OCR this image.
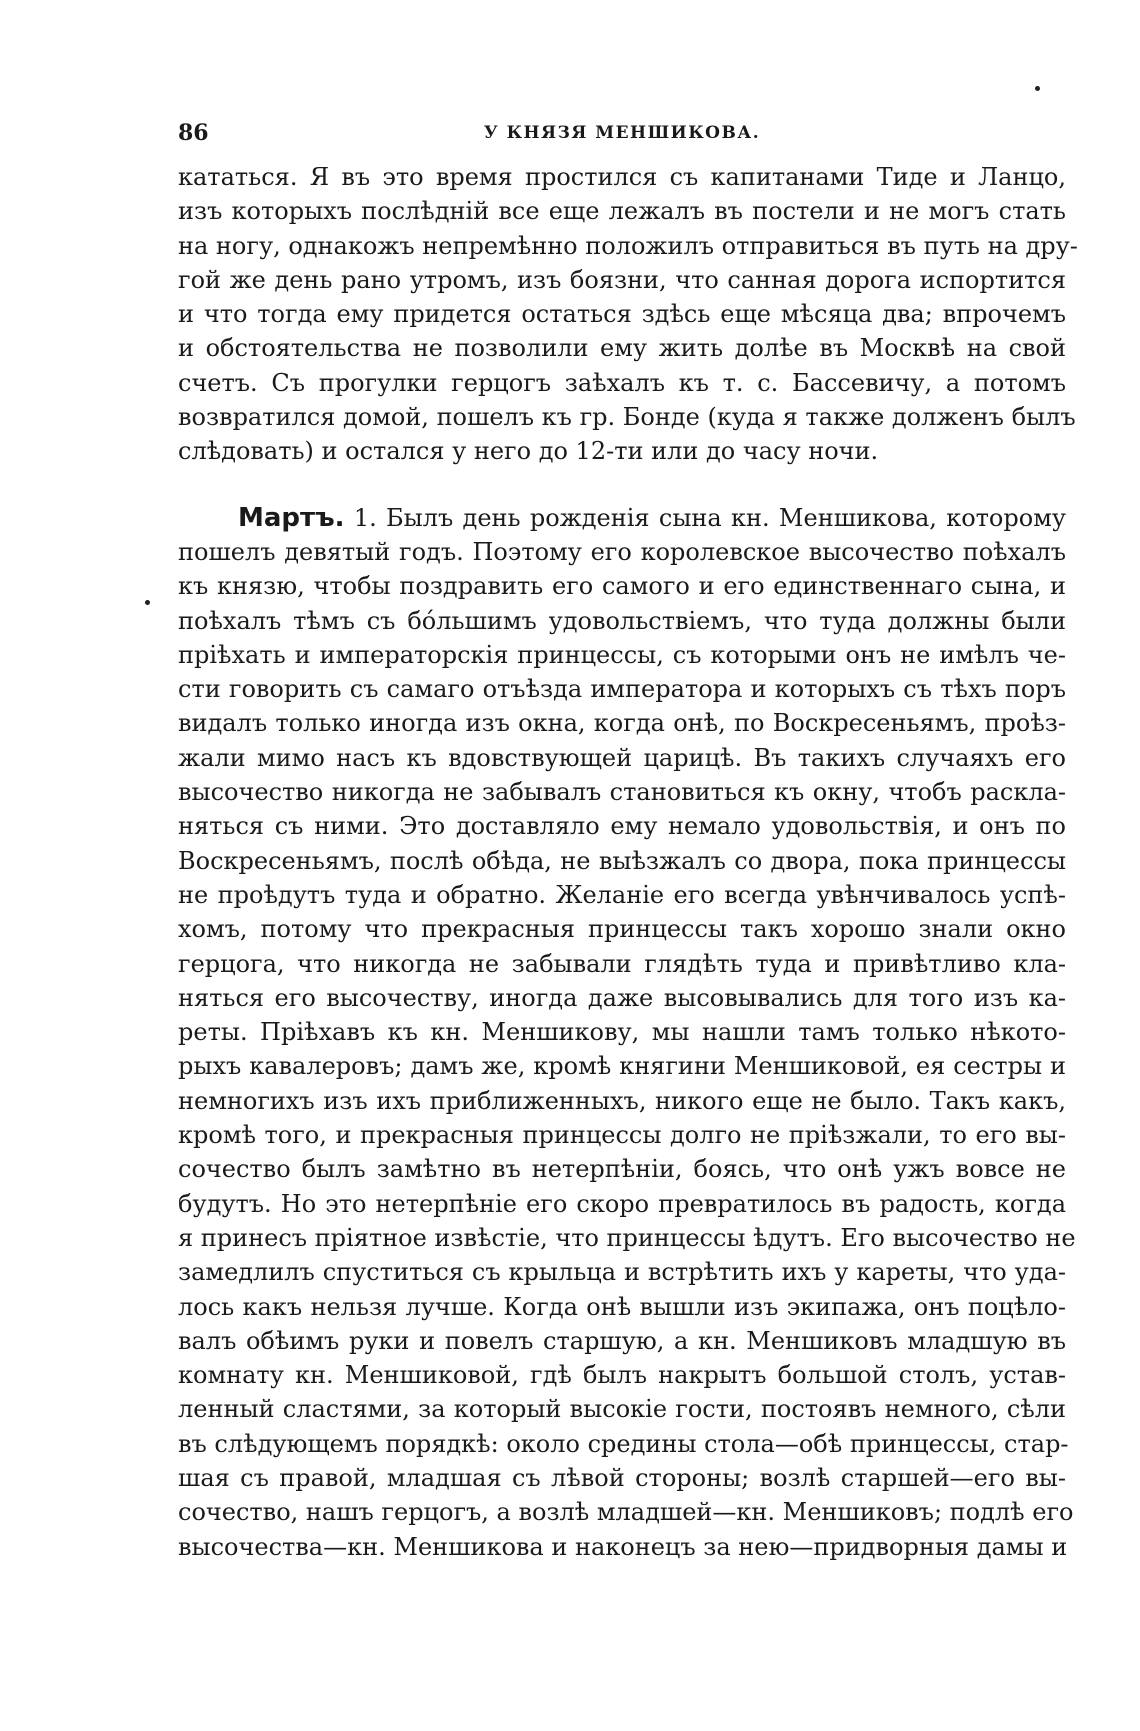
86	У КНЯЗЯ МЕНШИКОВА.
кататься. Я въ это время простился съ капитанами Тиде и Ланцо,
изъ которыхъ послѣдній все еще лежалъ въ постели и не могъ стать
на ногу, однакожъ непремѣнно положилъ отправиться въ путь на дру-
гой же день рано утромъ, изъ боязни, что санная дорога испортится
и что тогда ему придется остаться здѣсь еще мѣсяца два; впрочемъ
и обстоятельства не позволили ему жить долѣе въ Москвѣ на свой
счетъ. Съ прогулки герцогъ заѣхалъ къ т. с. Бассевичу, а потомъ
возвратился домой, пошелъ къ гр. Бонде (куда я также долженъ былъ
слѣдовать) и остался у него до 12-ти или до часу ночи.
Мартъ. 1. Былъ день рожденія сына кн. Меншикова, которому
пошелъ девятый годъ. Поэтому его королевское высочество поѣхалъ
къ князю, чтобы поздравить его самого и его единственнаго сына, и
поѣхалъ тѣмъ съ бо́льшимъ удовольствіемъ, что туда должны были
пріѣхать и императорскія принцессы, съ которыми онъ не имѣлъ че-
сти говорить съ самаго отъѣзда императора и которыхъ съ тѣхъ поръ
видалъ только иногда изъ окна, когда онѣ, по Воскресеньямъ, проѣз-
жали мимо насъ къ вдовствующей царицѣ. Въ такихъ случаяхъ его
высочество никогда не забывалъ становиться къ окну, чтобъ раскла-
няться съ ними. Это доставляло ему немало удовольствія, и онъ по
Воскресеньямъ, послѣ обѣда, не выѣзжалъ со двора, пока принцессы
не проѣдутъ туда и обратно. Желаніе его всегда увѣнчивалось успѣ-
хомъ, потому что прекрасныя принцессы такъ хорошо знали окно
герцога, что никогда не забывали глядѣть туда и привѣтливо кла-
няться его высочеству, иногда даже высовывались для того изъ ка-
реты. Пріѣхавъ къ кн. Меншикову, мы нашли тамъ только нѣкото-
рыхъ кавалеровъ; дамъ же, кромѣ княгини Меншиковой, ея сестры и
немногихъ изъ ихъ приближенныхъ, никого еще не было. Такъ какъ,
кромѣ того, и прекрасныя принцессы долго не пріѣзжали, то его вы-
сочество былъ замѣтно въ нетерпѣніи, боясь, что онѣ ужъ вовсе не
будутъ. Но это нетерпѣніе его скоро превратилось въ радость, когда
я принесъ пріятное извѣстіе, что принцессы ѣдутъ. Его высочество не
замедлилъ спуститься съ крыльца и встрѣтить ихъ у кареты, что уда-
лось какъ нельзя лучше. Когда онѣ вышли изъ экипажа, онъ поцѣло-
валъ обѣимъ руки и повелъ старшую, а кн. Меншиковъ младшую въ
комнату кн. Меншиковой, гдѣ былъ накрытъ большой столъ, устав-
ленный сластями, за который высокіе гости, постоявъ немного, сѣли
въ слѣдующемъ порядкѣ: около средины стола—обѣ принцессы, стар-
шая съ правой, младшая съ лѣвой стороны; возлѣ старшей—его вы-
сочество, нашъ герцогъ, а возлѣ младшей—кн. Меншиковъ; подлѣ его
высочества—кн. Меншикова и наконецъ за нею—придворныя дамы и
